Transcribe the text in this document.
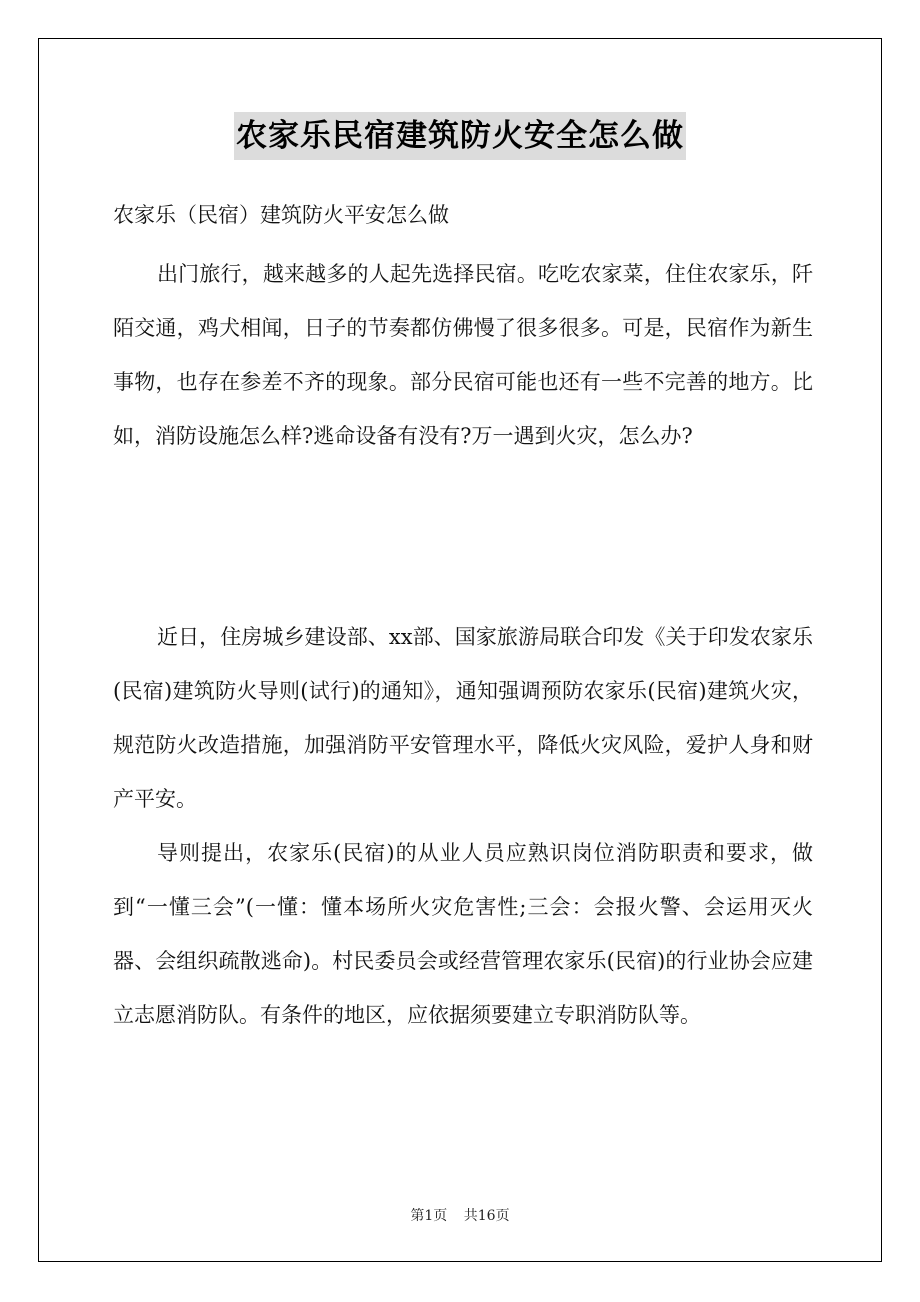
农家乐民宿建筑防火安全怎么做
农家乐（民宿）建筑防火平安怎么做

出门旅行，越来越多的人起先选择民宿。吃吃农家菜，住住农家乐，阡陌交通，鸡犬相闻，日子的节奏都仿佛慢了很多很多。可是，民宿作为新生事物，也存在参差不齐的现象。部分民宿可能也还有一些不完善的地方。比如，消防设施怎么样?逃命设备有没有?万一遇到火灾，怎么办?

近日，住房城乡建设部、xx部、国家旅游局联合印发《关于印发农家乐(民宿)建筑防火导则(试行)的通知》，通知强调预防农家乐(民宿)建筑火灾，规范防火改造措施，加强消防平安管理水平，降低火灾风险，爱护人身和财产平安。

导则提出，农家乐(民宿)的从业人员应熟识岗位消防职责和要求，做到“一懂三会”(一懂：懂本场所火灾危害性;三会：会报火警、会运用灭火器、会组织疏散逃命)。村民委员会或经营管理农家乐(民宿)的行业协会应建立志愿消防队。有条件的地区，应依据须要建立专职消防队等。

第1页 共16页
